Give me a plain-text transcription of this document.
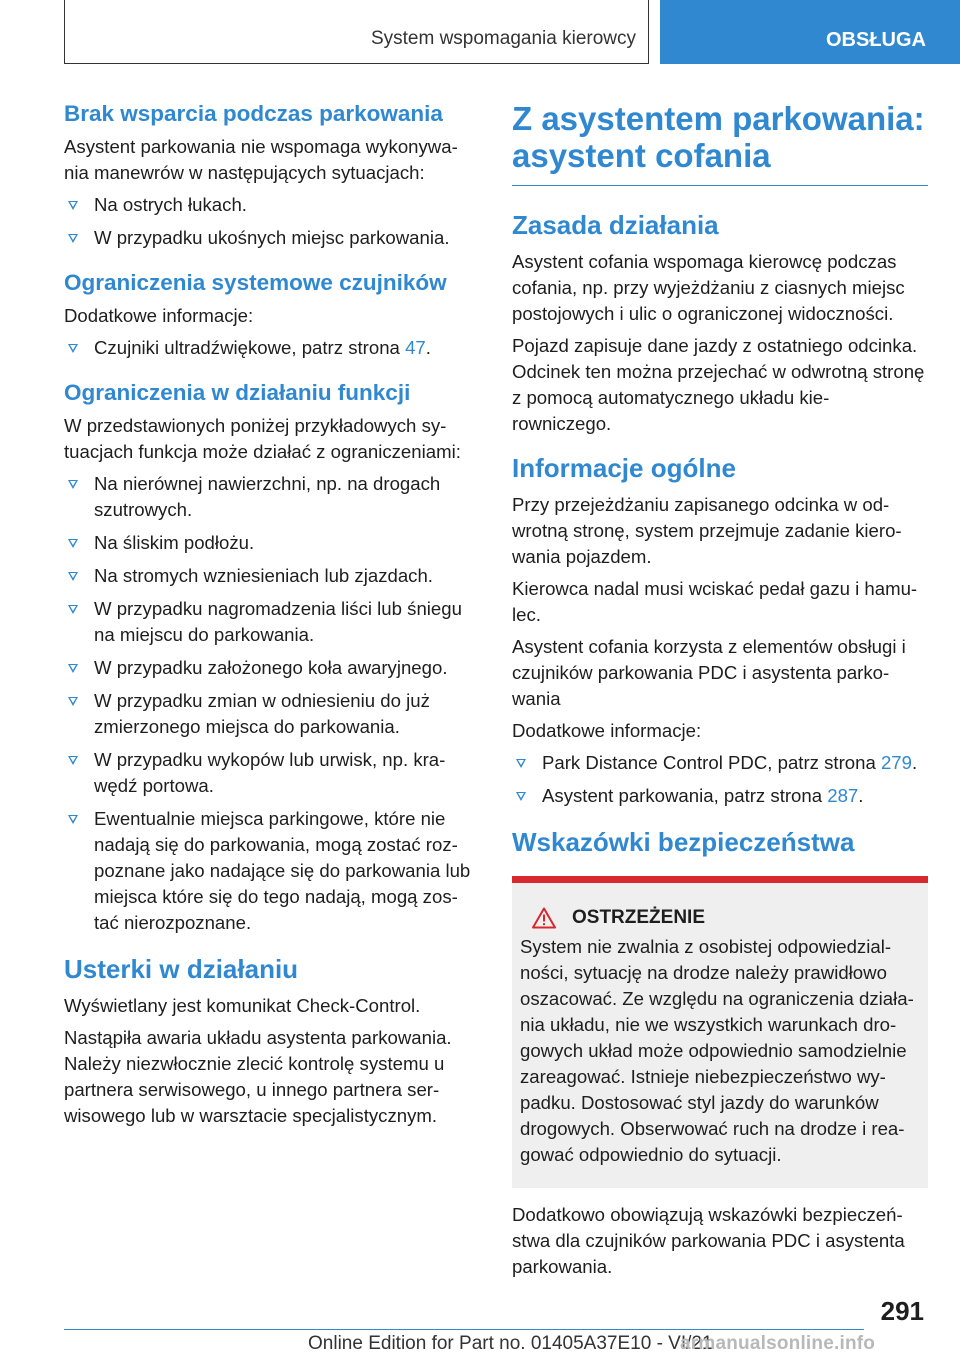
System wspomagania kierowcy	OBSŁUGA
Brak wsparcia podczas parkowania

Asystent parkowania nie wspomaga wykonywa-nia manewrów w następujących sytuacjach:

Na ostrych łukach.
W przypadku ukośnych miejsc parkowania.
Ograniczenia systemowe czujników

Dodatkowe informacje:

Czujniki ultradźwiękowe, patrz strona 47.
Ograniczenia w działaniu funkcji

W przedstawionych poniżej przykładowych sy-tuacjach funkcja może działać z ograniczeniami:

Na nierównej nawierzchni, np. na drogach szutrowych.
Na śliskim podłożu.
Na stromych wzniesieniach lub zjazdach.
W przypadku nagromadzenia liści lub śniegu na miejscu do parkowania.
W przypadku założonego koła awaryjnego.
W przypadku zmian w odniesieniu do już zmierzonego miejsca do parkowania.
W przypadku wykopów lub urwisk, np. kra-wędź portowa.
Ewentualnie miejsca parkingowe, które nie nadają się do parkowania, mogą zostać roz-poznane jako nadające się do parkowania lub miejsca które się do tego nadają, mogą zos-tać nierozpoznane.
Usterki w działaniu

Wyświetlany jest komunikat Check-Control.

Nastąpiła awaria układu asystenta parkowania. Należy niezwłocznie zlecić kontrolę systemu u partnera serwisowego, u innego partnera ser-wisowego lub w warsztacie specjalistycznym.

Z asystentem parkowania: asystent cofania
Zasada działania

Asystent cofania wspomaga kierowcę podczas cofania, np. przy wyjeżdżaniu z ciasnych miejsc postojowych i ulic o ograniczonej widoczności.

Pojazd zapisuje dane jazdy z ostatniego odcinka. Odcinek ten można przejechać w odwrotną stronę z pomocą automatycznego układu kie-rowniczego.

Informacje ogólne

Przy przejeżdżaniu zapisanego odcinka w od-wrotną stronę, system przejmuje zadanie kiero-wania pojazdem.

Kierowca nadal musi wciskać pedał gazu i hamu-lec.

Asystent cofania korzysta z elementów obsługi i czujników parkowania PDC i asystenta parko-wania

Dodatkowe informacje:

Park Distance Control PDC, patrz strona 279.
Asystent parkowania, patrz strona 287.
Wskazówki bezpieczeństwa
OSTRZEŻENIE

System nie zwalnia z osobistej odpowiedzial-ności, sytuację na drodze należy prawidłowo oszacować. Ze względu na ograniczenia działa-nia układu, nie we wszystkich warunkach dro-gowych układ może odpowiednio samodzielnie zareagować. Istnieje niebezpieczeństwo wy-padku. Dostosować styl jazdy do warunków drogowych. Obserwować ruch na drodze i rea-gować odpowiednio do sytuacji.

Dodatkowo obowiązują wskazówki bezpieczeń-stwa dla czujników parkowania PDC i asystenta parkowania.

291
Online Edition for Part no. 01405A37E10 - VI/21
armanualsonline.info
